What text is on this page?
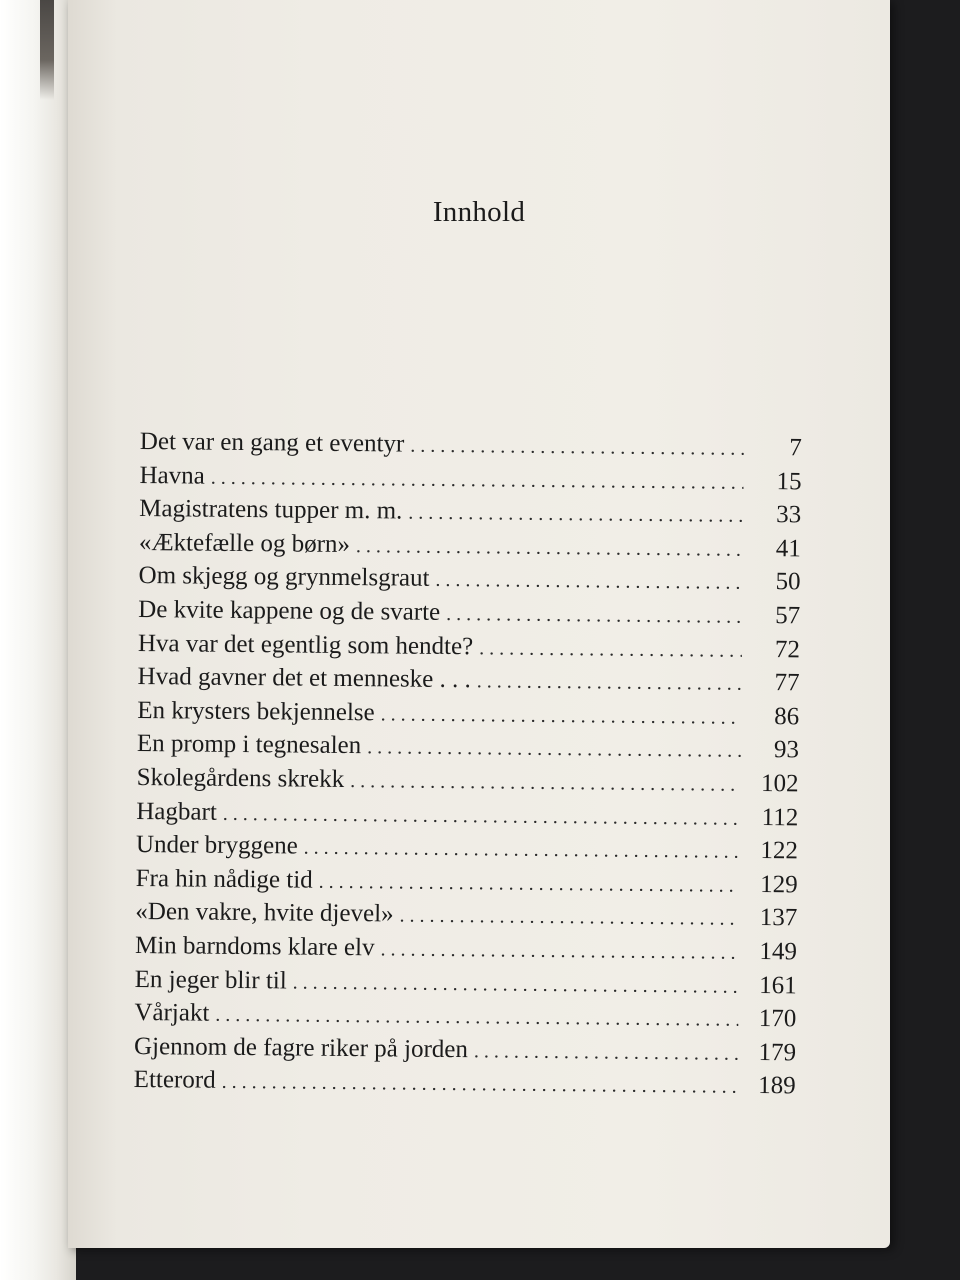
Innhold
Det var en gang et eventyr . . .	7
Havna . . .	15
Magistratens tupper m. m. . . .	33
«Æktefælle og børn» . . .	41
Om skjegg og grynmelsgraut . . .	50
De kvite kappene og de svarte . . .	57
Hva var det egentlig som hendte? . . .	72
Hvad gavner det et menneske . . . . . .	77
En krysters bekjennelse . . .	86
En promp i tegnesalen . . .	93
Skolegårdens skrekk . . .	102
Hagbart . . .	112
Under bryggene . . .	122
Fra hin nådige tid . . .	129
«Den vakre, hvite djevel» . . .	137
Min barndoms klare elv . . .	149
En jeger blir til . . .	161
Vårjakt . . .	170
Gjennom de fagre riker på jorden . . .	179
Etterord . . .	189
